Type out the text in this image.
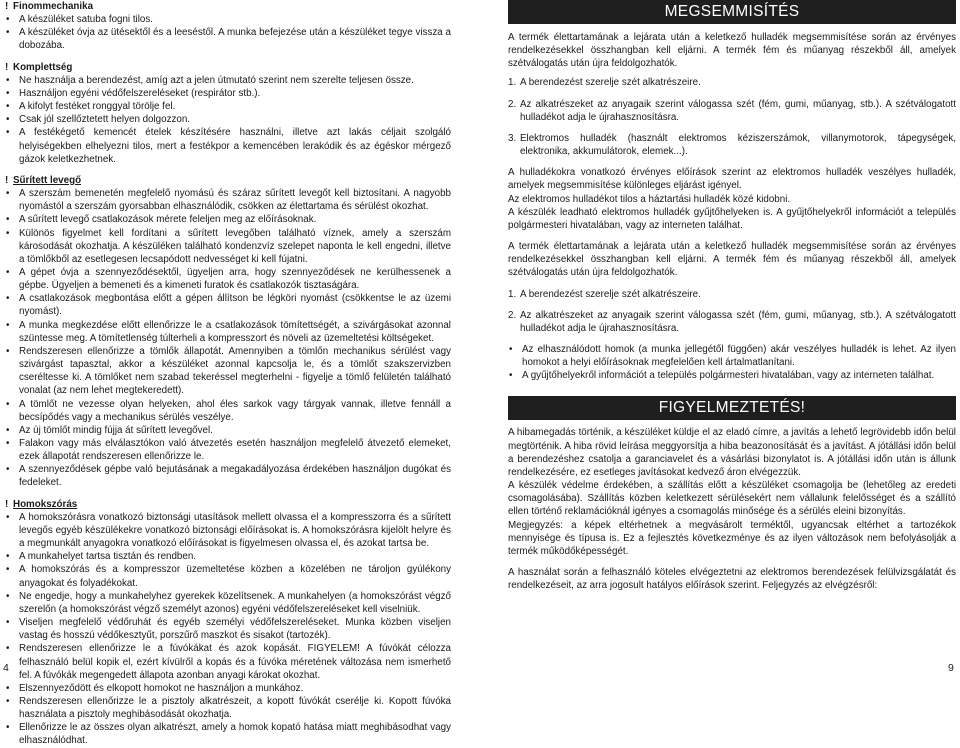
! Finommechanika
• A készüléket satuba fogni tilos.
• A készüléket óvja az ütésektől és a leeséstől. A munka befejezése után a készüléket tegye vissza a dobozába.
! Komplettség
• Ne használja a berendezést, amíg azt a jelen útmutató szerint nem szerelte teljesen össze.
• Használjon egyéni védőfelszereléseket (respirátor stb.).
• A kifolyt festéket ronggyal törölje fel.
• Csak jól szellőztetett helyen dolgozzon.
• A festékégető kemencét ételek készítésére használni, illetve azt lakás céljait szolgáló helyiségekben elhelyezni tilos, mert a festékpor a kemencében lerakódik és az égéskor mérgező gázok keletkezhetnek.
! Sűrített levegő
• A szerszám bemenetén megfelelő nyomású és száraz sűrített levegőt kell biztosítani. A nagyobb nyomástól a szerszám gyorsabban elhasználódik, csökken az élettartama és sérülést okozhat.
• A sűrített levegő csatlakozások mérete feleljen meg az előírásoknak.
• Különös figyelmet kell fordítani a sűrített levegőben található víznek, amely a szerszám károsodását okozhatja. A készüléken található kondenzvíz szelepet naponta le kell engedni, illetve a tömlőkből az esetlegesen lecsapódott nedvességet ki kell fújatni.
• A gépet óvja a szennyeződésektől, ügyeljen arra, hogy szennyeződések ne kerülhessenek a gépbe. Ügyeljen a bemeneti és a kimeneti furatok és csatlakozók tisztaságára.
• A csatlakozások megbontása előtt a gépen állítson be légköri nyomást (csökkentse le az üzemi nyomást).
• A munka megkezdése előtt ellenőrizze le a csatlakozások tömítettségét, a szivárgásokat azonnal szüntesse meg. A tömítetlenség túlterheli a kompresszort és növeli az üzemeltetési költségeket.
• Rendszeresen ellenőrizze a tömlők állapotát. Amennyiben a tömlőn mechanikus sérülést vagy szivárgást tapasztal, akkor a készüléket azonnal kapcsolja le, és a tömlőt szakszervizben cseréltesse ki. A tömlőket nem szabad tekeréssel megterhelni - figyelje a tömlő felületén található vonalat (az nem lehet megtekeredett).
• A tömlőt ne vezesse olyan helyeken, ahol éles sarkok vagy tárgyak vannak, illetve fennáll a becsípődés vagy a mechanikus sérülés veszélye.
• Az új tömlőt mindig fújja át sűrített levegővel.
• Falakon vagy más elválasztókon való átvezetés esetén használjon megfelelő átvezető elemeket, ezek állapotát rendszeresen ellenőrizze le.
• A szennyeződések gépbe való bejutásának a megakadályozása érdekében használjon dugókat és fedeleket.
! Homokszórás
• A homokszórásra vonatkozó biztonsági utasítások mellett olvassa el a kompresszorra és a sűrített levegős egyéb készülékekre vonatkozó biztonsági előírásokat is. A homokszórásra kijelölt helyre és a megmunkált anyagokra vonatkozó előírásokat is figyelmesen olvassa el, és azokat tartsa be.
• A munkahelyet tartsa tisztán és rendben.
• A homokszórás és a kompresszor üzemeltetése közben a közelében ne tároljon gyúlékony anyagokat és folyadékokat.
• Ne engedje, hogy a munkahelyhez gyerekek közelítsenek. A munkahelyen (a homokszórást végző szerelőn (a homokszórást végző személyt azonos) egyéni védőfelszereléseket kell viselniük.
• Viseljen megfelelő védőruhát és egyéb személyi védőfelszereléseket. Munka közben viseljen vastag és hosszú védőkesztyűt, porszűrő maszkot és sisakot (tartozék).
• Rendszeresen ellenőrizze le a fúvókákat és azok kopását. FIGYELEM! A fúvókát célozza felhasználó belül kopik el, ezért kívülről a kopás és a fúvóka méretének változása nem ismerhető fel. A fúvókák megengedett állapota azonban anyagi károkat okozhat.
• Elszennyeződött és elkopott homokot ne használjon a munkához.
• Rendszeresen ellenőrizze le a pisztoly alkatrészeit, a kopott fúvókát cserélje ki. Kopott fúvóka használata a pisztoly meghibásodását okozhatja.
• Ellenőrizze le az összes olyan alkatrészt, amely a homok kopató hatása miatt meghibásodhat vagy elhasználódhat.
4
MEGSEMMISÍTÉS

A termék élettartamának a lejárata után a keletkező hulladék megsemmisítése során az érvényes rendelkezésekkel összhangban kell eljárni. A termék fém és műanyag részekből áll, amelyek szétválogatás után újra feldolgozhatók.

1. A berendezést szerelje szét alkatrészeire.
2. Az alkatrészeket az anyagaik szerint válogassa szét (fém, gumi, műanyag, stb.). A szétválogatott hulladékot adja le újrahasznosításra.
3. Elektromos hulladék (használt elektromos kéziszerszámok, villanymotorok, tápegységek, elektronika, akkumulátorok, elemek...).

A hulladékokra vonatkozó érvényes előírások szerint az elektromos hulladék veszélyes hulladék, amelyek megsemmisítése különleges eljárást igényel.

Az elektromos hulladékot tilos a háztartási hulladék közé kidobni.

A készülék leadható elektromos hulladék gyűjtőhelyeken is. A gyűjtőhelyekről információt a település polgármesteri hivatalában, vagy az interneten találhat.

A termék élettartamának a lejárata után a keletkező hulladék megsemmisítése során az érvényes rendelkezésekkel összhangban kell eljárni. A termék fém és műanyag részekből áll, amelyek szétválogatás után újra feldolgozhatók.

1. A berendezést szerelje szét alkatrészeire.
2. Az alkatrészeket az anyagaik szerint válogassa szét (fém, gumi, műanyag, stb.). A szétválogatott hulladékot adja le újrahasznosításra.
• Az elhasználódott homok (a munka jellegétől függően) akár veszélyes hulladék is lehet. Az ilyen homokot a helyi előírásoknak megfelelően kell ártalmatlanítani.
• A gyűjtőhelyekről információt a település polgármesteri hivatalában, vagy az interneten találhat.
FIGYELMEZTETÉS!

A hibamegadás történik, a készüléket küldje el az eladó címre, a javítás a lehető legrövidebb időn belül megtörténik. A hiba rövid leírása meggyorsítja a hiba beazonosítását és a javítást. A jótállási időn belül a berendezéshez csatolja a garanciavelet és a vásárlási bizonylatot is. A jótállási időn után is állunk rendelkezésére, ez esetleges javításokat kedvező áron elvégezzük.

A készülék védelme érdekében, a szállítás előtt a készüléket csomagolja be (lehetőleg az eredeti csomagolásába). Szállítás közben keletkezett sérülésekért nem vállalunk felelősséget és a szállító ellen történő reklamációknál igényes a csomagolás minősége és a sérülés eleini bizonyítás.

Megjegyzés: a képek eltérhetnek a megvásárolt terméktől, ugyancsak eltérhet a tartozékok mennyisége és típusa is. Ez a fejlesztés következménye és az ilyen változások nem befolyásolják a termék működőképességét.

A használat során a felhasználó köteles elvégeztetni az elektromos berendezések felülvizsgálatát és rendelkezéseit, az arra jogosult hatályos előírások szerint. Feljegyzés az elvégzésről:

9
